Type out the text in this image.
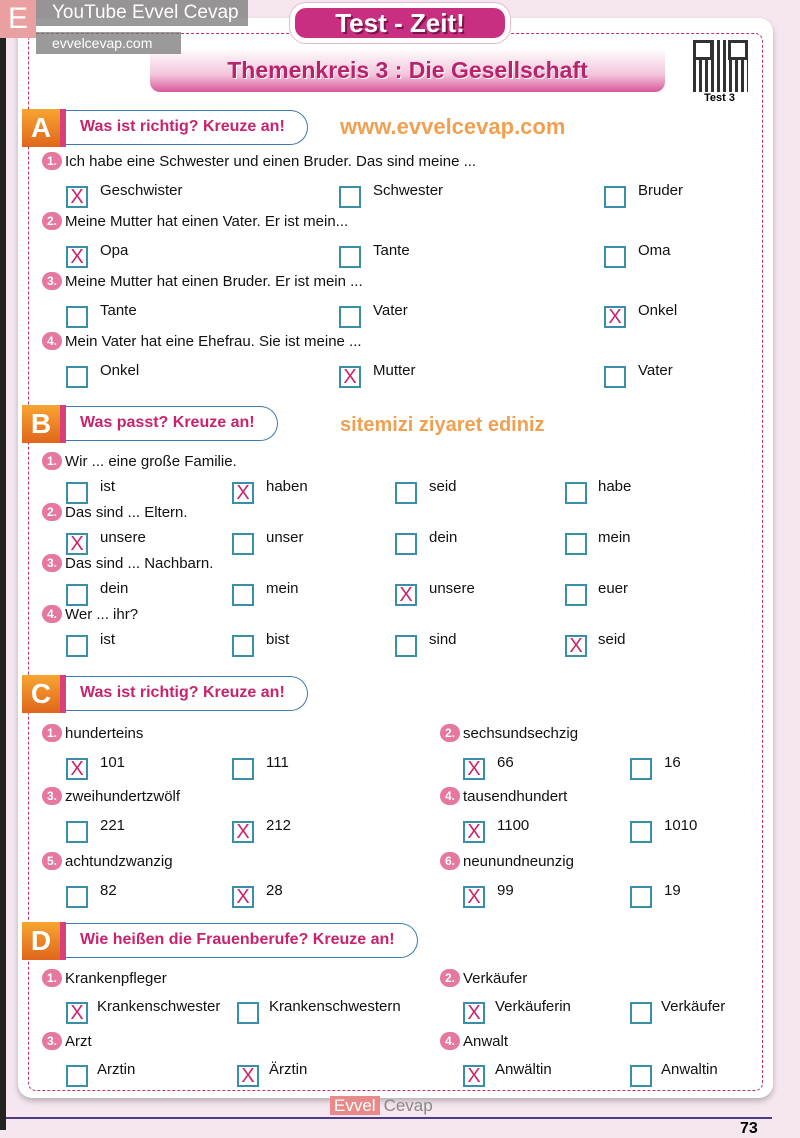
Test - Zeit!
Themenkreis 3 : Die Gesellschaft
Test 3
A	Was ist richtig? Kreuze an!
1. Ich habe eine Schwester und einen Bruder. Das sind meine ...
X Geschwister	Schwester	Bruder
2. Meine Mutter hat einen Vater. Er ist mein...
X Opa	Tante	Oma
3. Meine Mutter hat einen Bruder. Er ist mein ...
Tante	Vater	X Onkel
4. Mein Vater hat eine Ehefrau. Sie ist meine ...
Onkel	X Mutter	Vater
B	Was passt? Kreuze an!
1. Wir ... eine große Familie.
ist	X haben	seid	habe
2. Das sind ... Eltern.
X unsere	unser	dein	mein
3. Das sind ... Nachbarn.
dein	mein	X unsere	euer
4. Wer ... ihr?
ist	bist	sind	X seid
C	Was ist richtig? Kreuze an!
1. hunderteins
X 101	111
2. sechsundsechzig
X 66	16
3. zweihundertzwölf
221	X 212
4. tausendhundert
X 1100	1010
5. achtundzwanzig
82	X 28
6. neunundneunzig
X 99	19
D	Wie heißen die Frauenberufe? Kreuze an!
1. Krankenpfleger
X Krankenschwester	Krankenschwestern
2. Verkäufer
X Verkäuferin	Verkäufer
3. Arzt
Arztin	X Ärztin
4. Anwalt
X Anwältin	Anwaltin
www.evvelcevap.com
sitemizi ziyaret ediniz
E	YouTube Evvel Cevap
evvelcevap.com
Evvel Cevap
73
